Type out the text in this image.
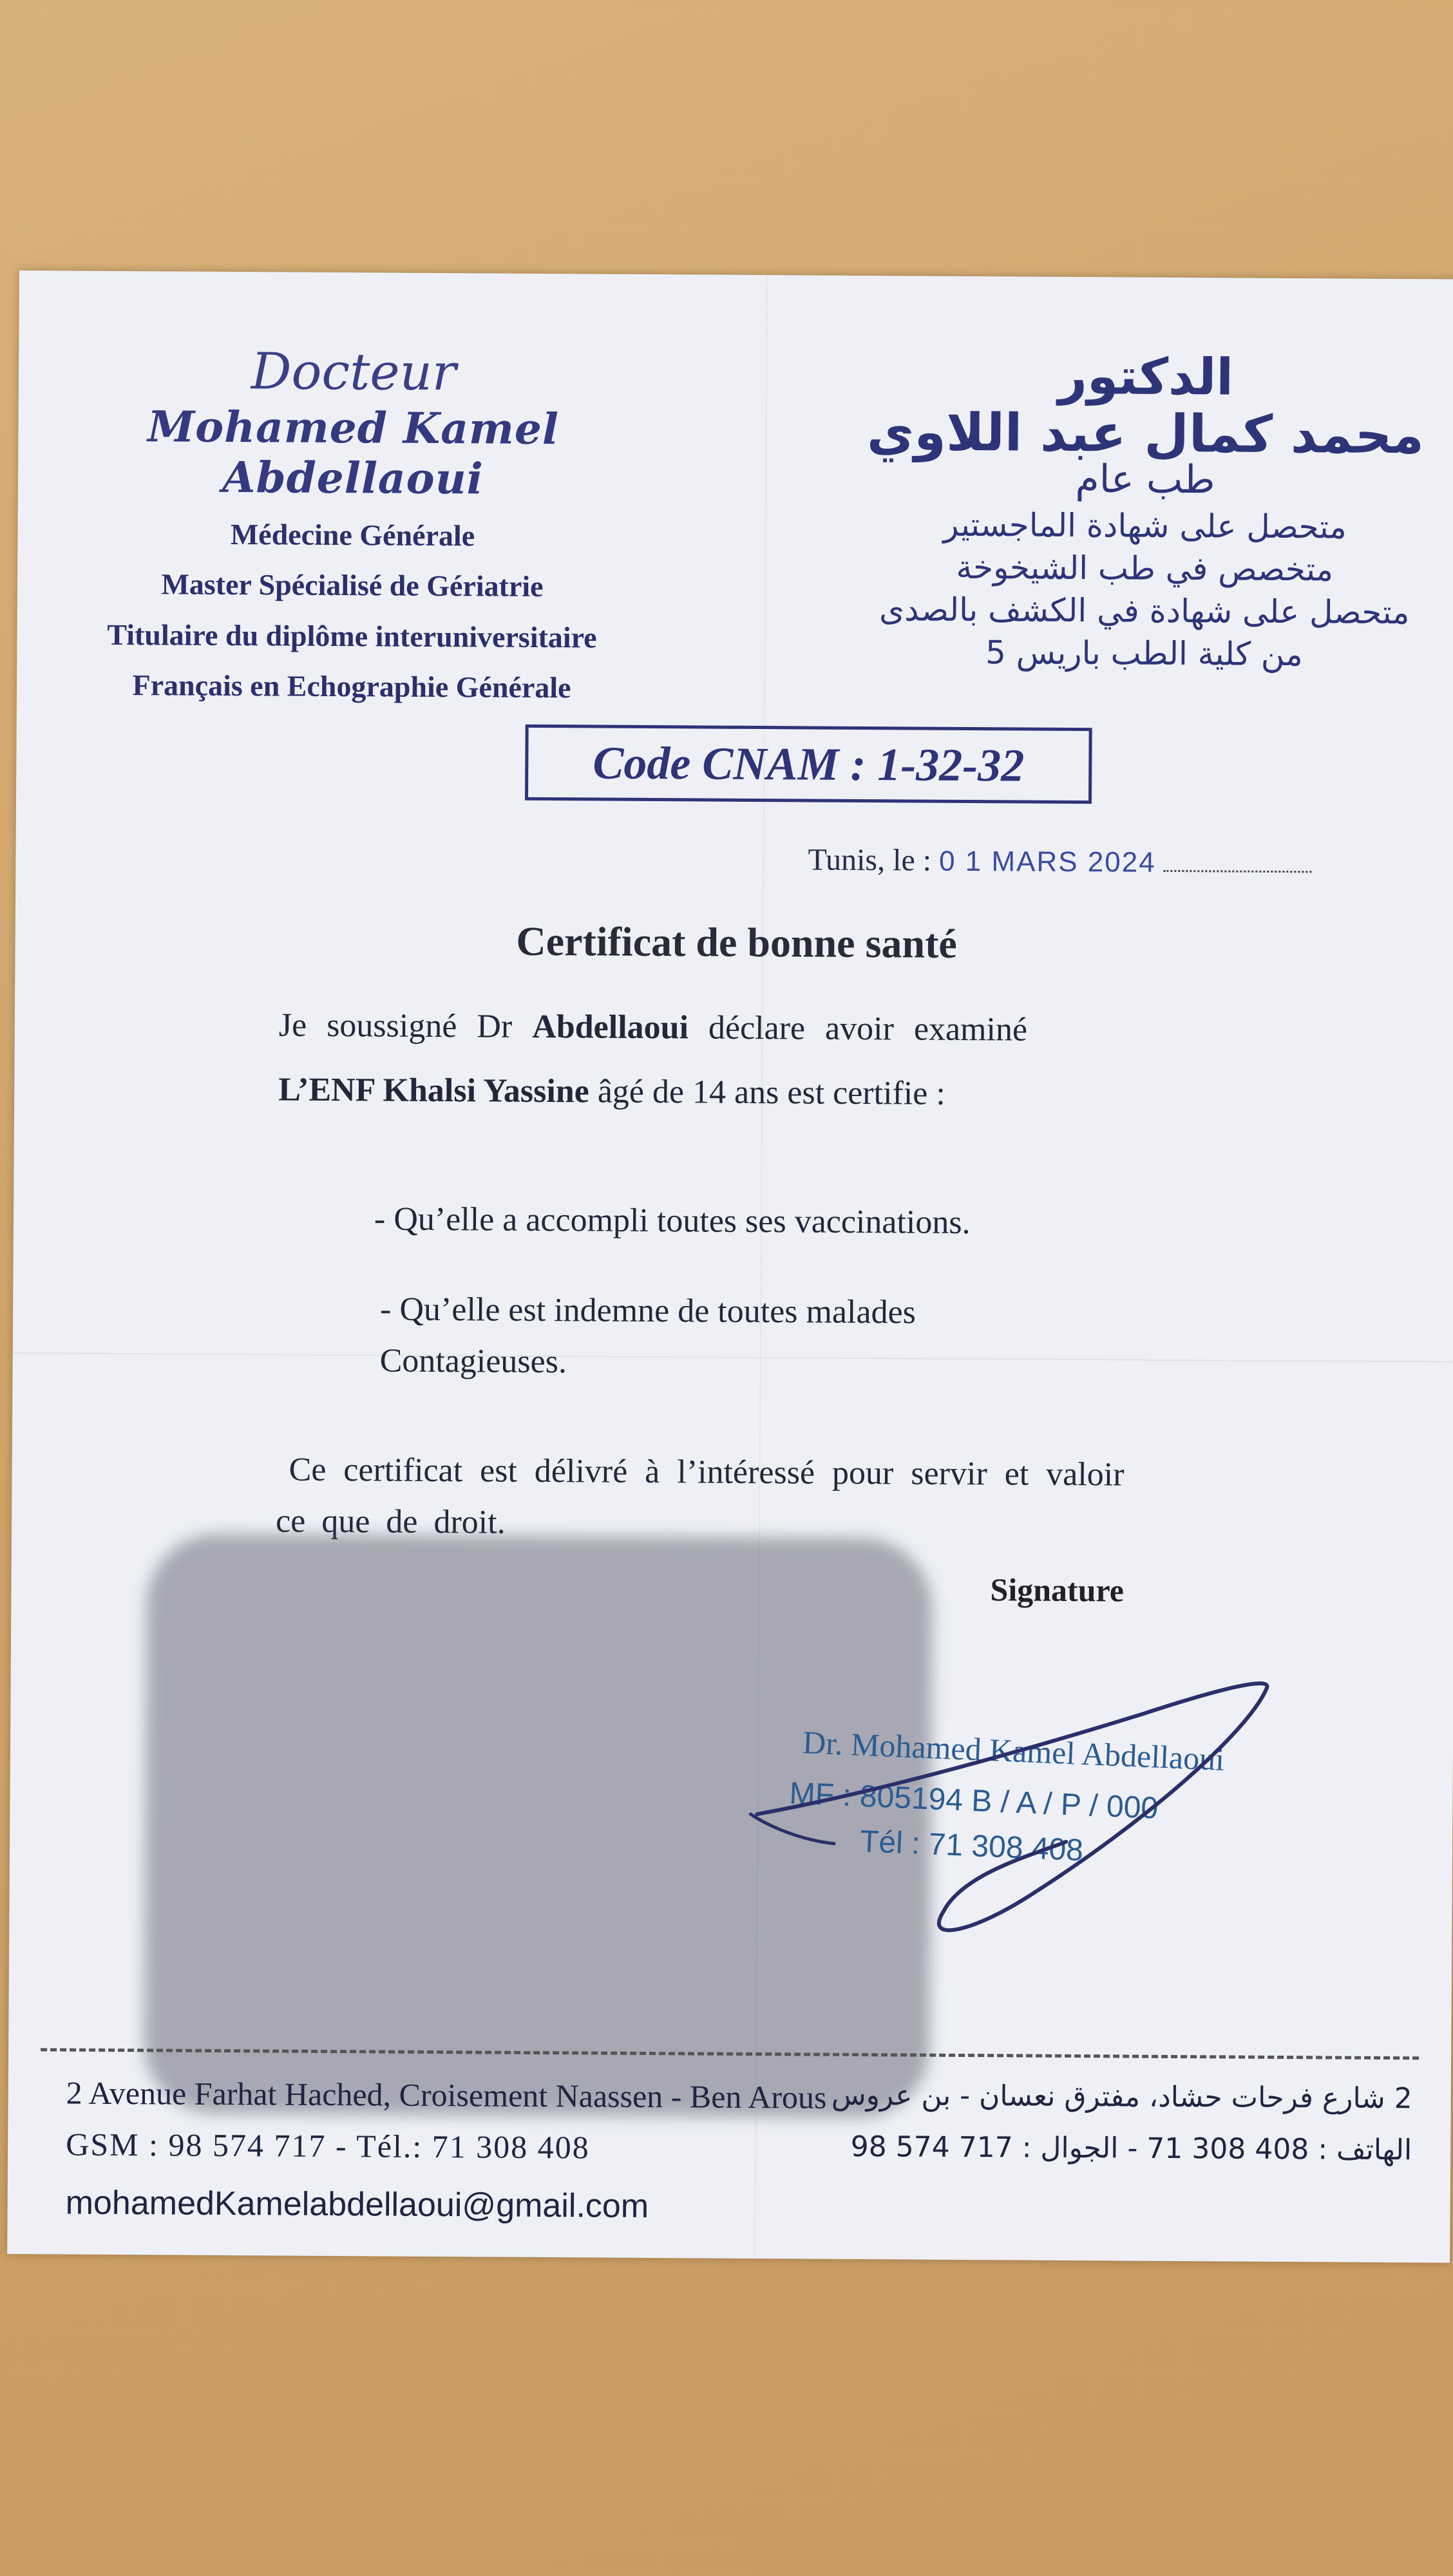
Docteur
Mohamed Kamel Abdellaoui
Médecine Générale
Master Spécialisé de Gériatrie
Titulaire du diplôme interuniversitaire
Français en Echographie Générale
الدكتور
محمد كمال عبد اللاوي
طب عام
متحصل على شهادة الماجستير
متخصص في طب الشيخوخة
متحصل على شهادة في الكشف بالصدى
من كلية الطب باريس 5
Code CNAM : 1-32-32
Tunis, le : 0 1 MARS 2024
Certificat de bonne santé
Je soussigné Dr Abdellaoui déclare avoir examiné
L’ENF Khalsi Yassine âgé de 14 ans est certifie :
- Qu’elle a accompli toutes ses vaccinations.
- Qu’elle est indemne de toutes malades
Contagieuses.
Ce certificat est délivré à l’intéressé pour servir et valoir
ce que de droit.
Signature
Dr. Mohamed Kamel Abdellaoui
MF : 805194 B / A / P / 000
Tél : 71 308 408
2 Avenue Farhat Hached, Croisement Naassen - Ben Arous
GSM : 98 574 717 - Tél.: 71 308 408
mohamedKamelabdellaoui@gmail.com
2 شارع فرحات حشاد، مفترق نعسان - بن عروس
الهاتف : 408 308 71 - الجوال : 717 574 98
